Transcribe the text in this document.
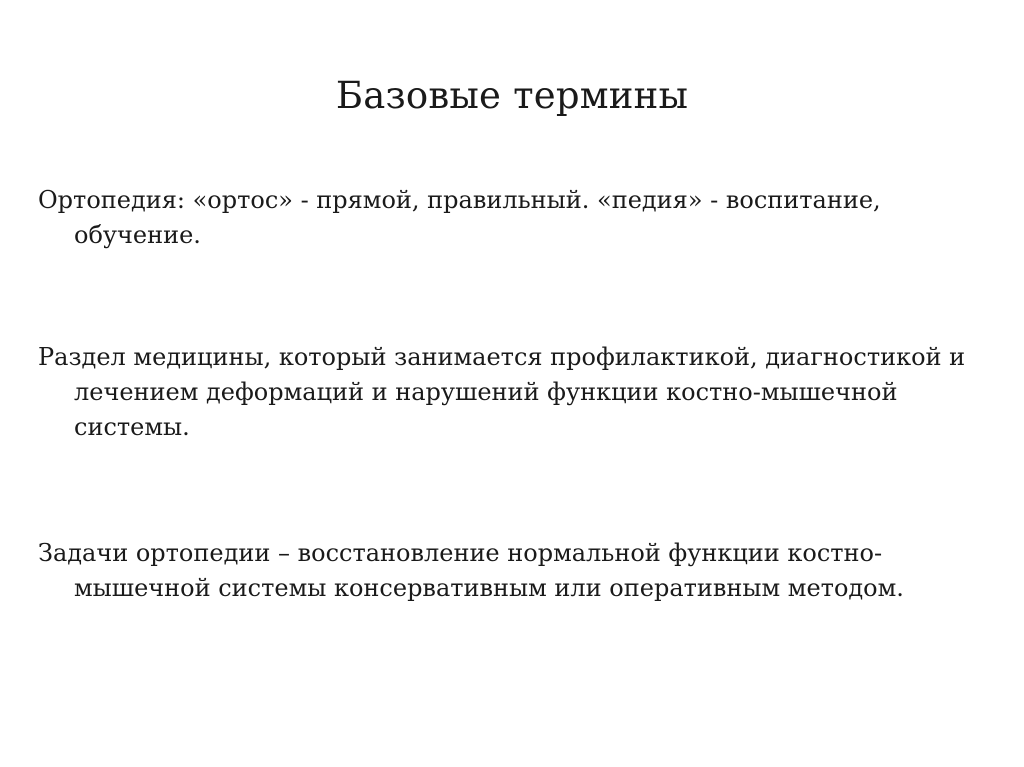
Базовые термины

Ортопедия: «ортос» - прямой, правильный. «педия» - воспитание, обучение.

Раздел медицины, который занимается профилактикой, диагностикой и лечением деформаций и нарушений функции костно-мышечной системы.

Задачи ортопедии – восстановление нормальной функции костно-мышечной системы консервативным или оперативным методом.
